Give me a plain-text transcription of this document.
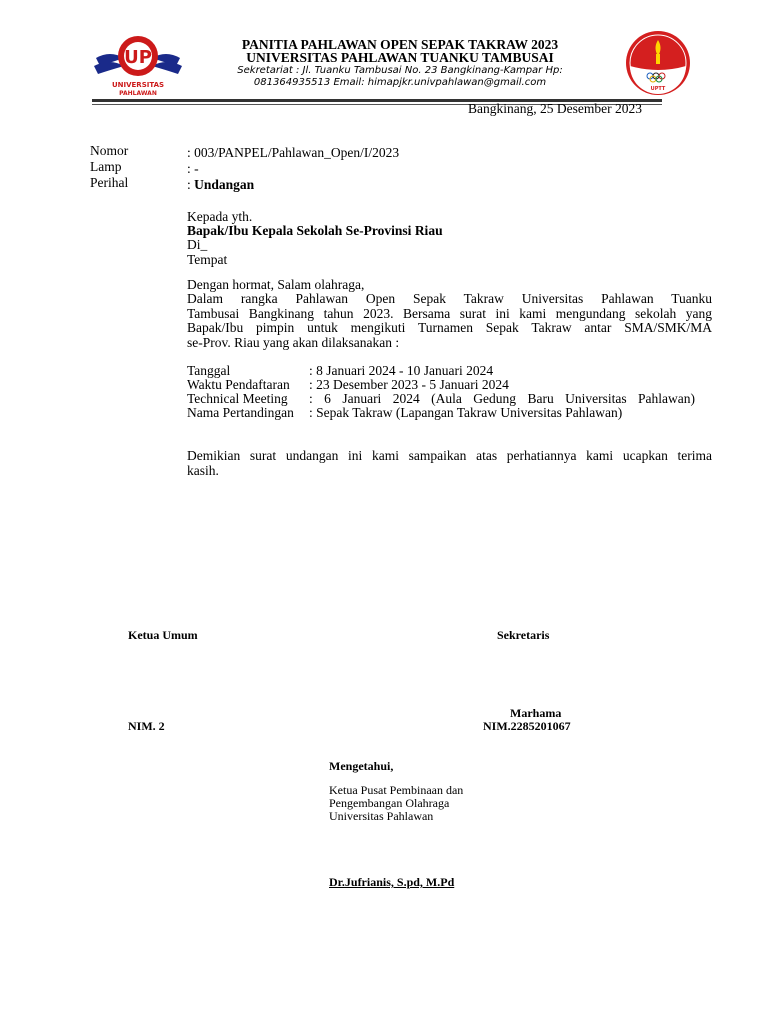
UP
UNIVERSITAS
PAHLAWAN
UPTT
PANITIA PAHLAWAN OPEN SEPAK TAKRAW 2023
UNIVERSITAS PAHLAWAN TUANKU TAMBUSAI
Sekretariat : Jl. Tuanku Tambusai No. 23 Bangkinang-Kampar Hp:
081364935513 Email: himapjkr.univpahlawan@gmail.com
Bangkinang, 25 Desember 2023
Nomor	: 003/PANPEL/Pahlawan_Open/I/2023
Lamp	: -
Perihal	: Undangan
Kepada yth.
Bapak/Ibu Kepala Sekolah Se-Provinsi Riau
Di_
Tempat
Dengan hormat, Salam olahraga,
Dalam rangka Pahlawan Open Sepak Takraw Universitas Pahlawan Tuanku
Tambusai Bangkinang tahun 2023. Bersama surat ini kami mengundang sekolah yang
Bapak/Ibu pimpin untuk mengikuti Turnamen Sepak Takraw antar SMA/SMK/MA
se-Prov. Riau yang akan dilaksanakan :
Tanggal	: 8 Januari 2024 - 10 Januari 2024
Waktu Pendaftaran : 23 Desember 2023 - 5 Januari 2024
Technical Meeting : 6 Januari 2024 (Aula Gedung Baru Universitas Pahlawan)
Nama Pertandingan : Sepak Takraw (Lapangan Takraw Universitas Pahlawan)
Demikian surat undangan ini kami sampaikan atas perhatiannya kami ucapkan terima
kasih.
Ketua Umum	Sekretaris
Marhama
NIM. 2	NIM.2285201067
Mengetahui,
Ketua Pusat Pembinaan dan
Pengembangan Olahraga
Universitas Pahlawan
Dr.Jufrianis, S.pd, M.Pd
